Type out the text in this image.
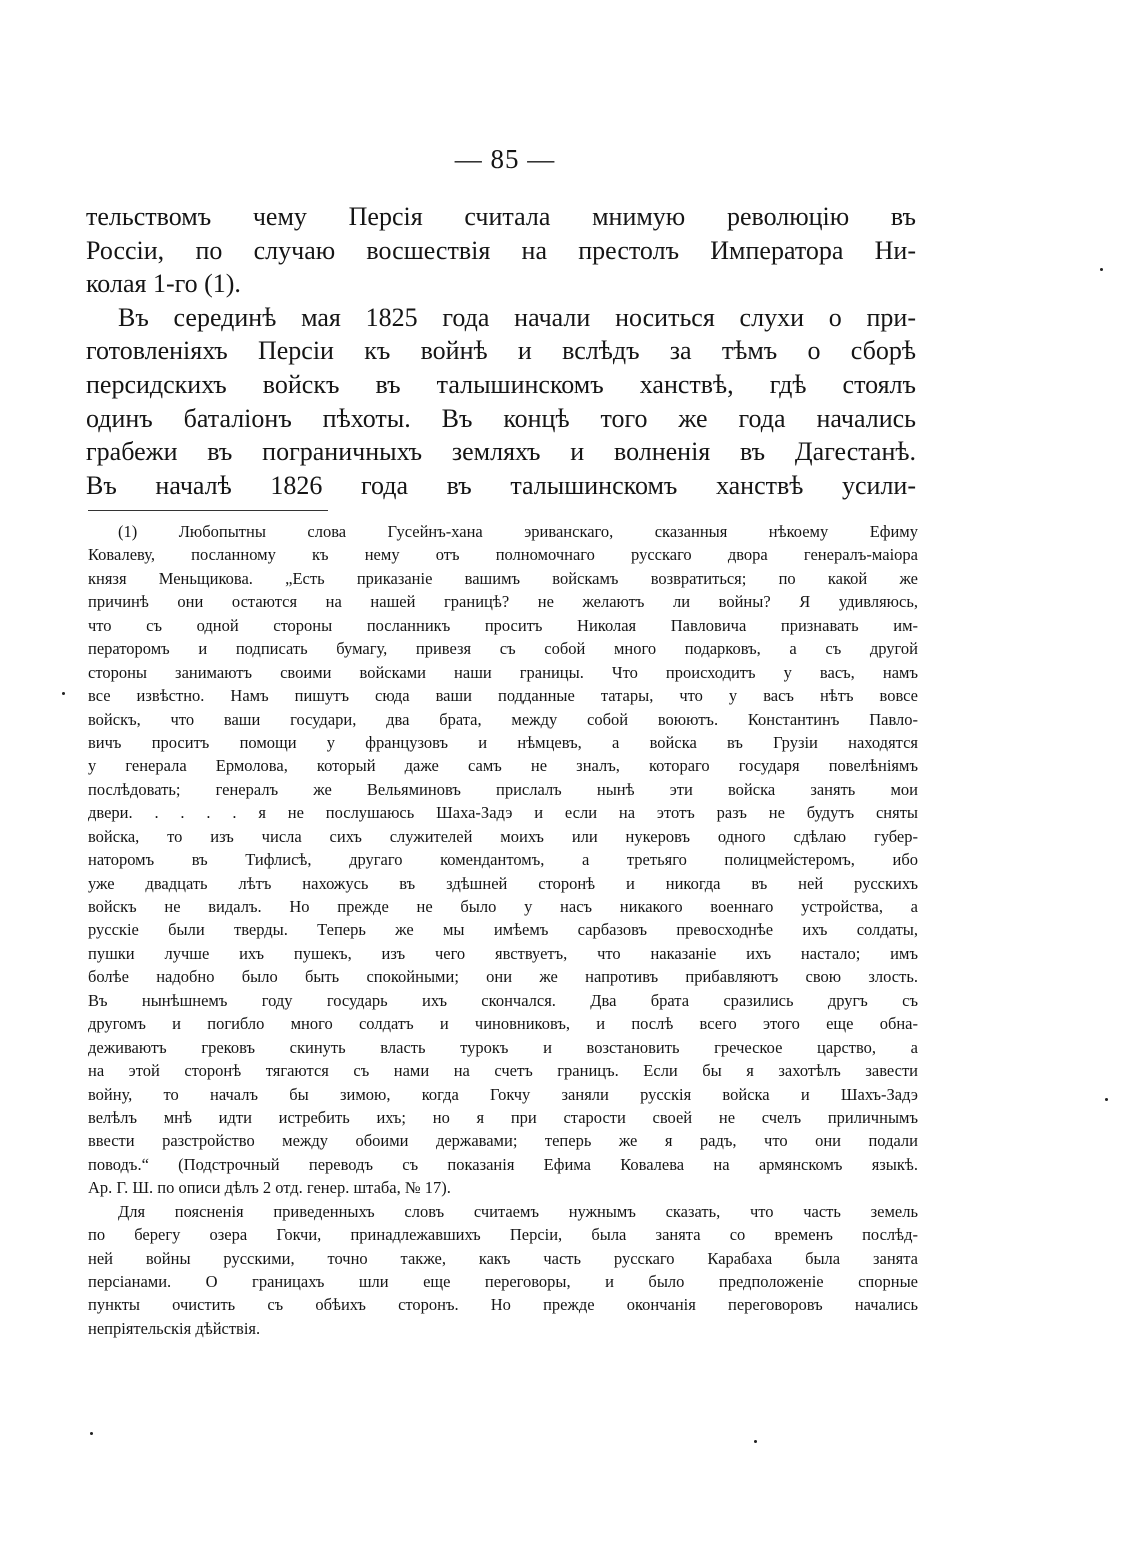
— 85 —
тельствомъ чему Персія считала мнимую революцію въ
Россіи, по случаю восшествія на престолъ Императора Ни-
колая 1-го (1).
Въ серединѣ мая 1825 года начали носиться слухи о при-
готовленіяхъ Персіи къ войнѣ и вслѣдъ за тѣмъ о сборѣ
персидскихъ войскъ въ талышинскомъ ханствѣ, гдѣ стоялъ
одинъ баталіонъ пѣхоты. Въ концѣ того же года начались
грабежи въ пограничныхъ земляхъ и волненія въ Дагестанѣ.
Въ началѣ 1826 года въ талышинскомъ ханствѣ усили-
(1) Любопытны слова Гусейнъ-хана эриванскаго, сказанныя нѣкоему Ефиму
Ковалеву, посланному къ нему отъ полномочнаго русскаго двора генералъ-маіора
князя Меньщикова. „Есть приказаніе вашимъ войскамъ возвратиться; по какой же
причинѣ они остаются на нашей границѣ? не желаютъ ли войны? Я удивляюсь,
что съ одной стороны посланникъ проситъ Николая Павловича признавать им-
ператоромъ и подписать бумагу, привезя съ собой много подарковъ, а съ другой
стороны занимаютъ своими войсками наши границы. Что происходитъ у васъ, намъ
все извѣстно. Намъ пишутъ сюда ваши подданные татары, что у васъ нѣтъ вовсе
войскъ, что ваши государи, два брата, между собой воюютъ. Константинъ Павло-
вичъ проситъ помощи у французовъ и нѣмцевъ, а войска въ Грузіи находятся
у генерала Ермолова, который даже самъ не зналъ, котораго государя повелѣніямъ
послѣдовать; генералъ же Вельяминовъ прислалъ нынѣ эти войска занять мои
двери. . . . . я не послушаюсь Шаха-Задэ и если на этотъ разъ не будутъ сняты
войска, то изъ числа сихъ служителей моихъ или нукеровъ одного сдѣлаю губер-
наторомъ въ Тифлисѣ, другаго комендантомъ, а третьяго полицмейстеромъ, ибо
уже двадцать лѣтъ нахожусь въ здѣшней сторонѣ и никогда въ ней русскихъ
войскъ не видалъ. Но прежде не было у насъ никакого военнаго устройства, а
русскіе были тверды. Теперь же мы имѣемъ сарбазовъ превосходнѣе ихъ солдаты,
пушки лучше ихъ пушекъ, изъ чего явствуетъ, что наказаніе ихъ настало; имъ
болѣе надобно было быть спокойными; они же напротивъ прибавляютъ свою злость.
Въ нынѣшнемъ году государь ихъ скончался. Два брата сразились другъ съ
другомъ и погибло много солдатъ и чиновниковъ, и послѣ всего этого еще обна-
деживаютъ грековъ скинуть власть турокъ и возстановить греческое царство, а
на этой сторонѣ тягаются съ нами на счетъ границъ. Если бы я захотѣлъ завести
войну, то началъ бы зимою, когда Гокчу заняли русскія войска и Шахъ-Задэ
велѣлъ мнѣ идти истребить ихъ; но я при старости своей не счелъ приличнымъ
ввести разстройство между обоими державами; теперь же я радъ, что они подали
поводъ.“ (Подстрочный переводъ съ показанія Ефима Ковалева на армянскомъ языкѣ.
Ар. Г. Ш. по описи дѣлъ 2 отд. генер. штаба, № 17).
Для поясненія приведенныхъ словъ считаемъ нужнымъ сказать, что часть земель
по берегу озера Гокчи, принадлежавшихъ Персіи, была занята со временъ послѣд-
ней войны русскими, точно также, какъ часть русскаго Карабаха была занята
персіанами. О границахъ шли еще переговоры, и было предположеніе спорные
пункты очистить съ обѣихъ сторонъ. Но прежде окончанія переговоровъ начались
непріятельскія дѣйствія.
